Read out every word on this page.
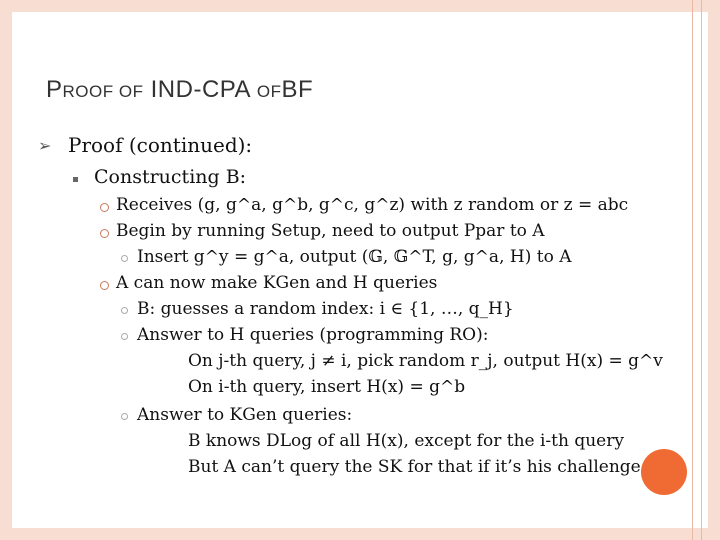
PROOF OF IND-CPA OFBF
➢ Proof (continued):
Constructing B:
Receives (g, g^a, g^b, g^c, g^z) with z random or z = abc
Begin by running Setup, need to output Ppar to A
Insert g^y = g^a, output (𝔾, 𝔾^T, g, g^a, H) to A
A can now make KGen and H queries
B: guesses a random index: i ∈ {1, …, q_H}
Answer to H queries (programming RO):
On j-th query, j ≠ i, pick random r_j, output H(x) = g^v
On i-th query, insert H(x) = g^b
Answer to KGen queries:
B knows DLog of all H(x), except for the i-th query
But A can’t query the SK for that if it’s his challenge
